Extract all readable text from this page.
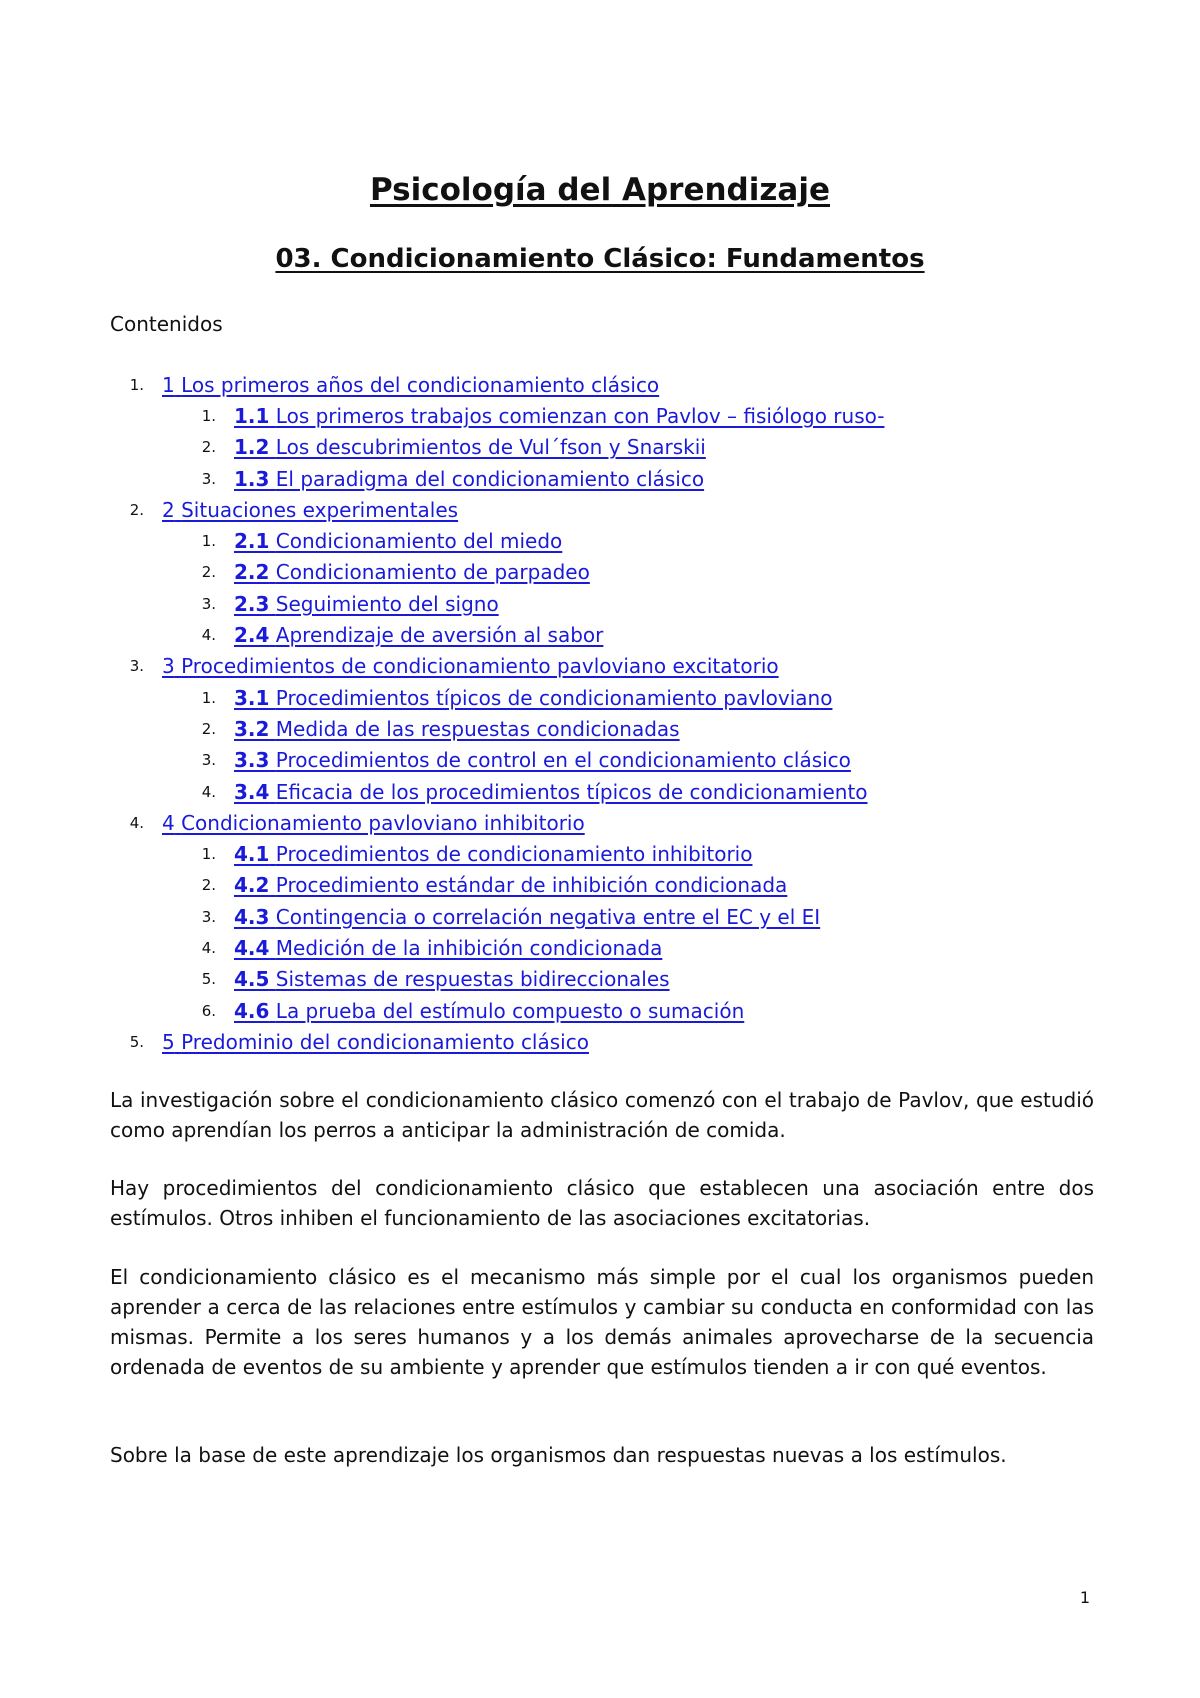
Psicología del Aprendizaje
03. Condicionamiento Clásico: Fundamentos

Contenidos

1. 1 Los primeros años del condicionamiento clásico
1. 1.1 Los primeros trabajos comienzan con Pavlov – fisiólogo ruso-
2. 1.2 Los descubrimientos de Vul´fson y Snarskii
3. 1.3 El paradigma del condicionamiento clásico
2. 2 Situaciones experimentales
1. 2.1 Condicionamiento del miedo
2. 2.2 Condicionamiento de parpadeo
3. 2.3 Seguimiento del signo
4. 2.4 Aprendizaje de aversión al sabor
3. 3 Procedimientos de condicionamiento pavloviano excitatorio
1. 3.1 Procedimientos típicos de condicionamiento pavloviano
2. 3.2 Medida de las respuestas condicionadas
3. 3.3 Procedimientos de control en el condicionamiento clásico
4. 3.4 Eficacia de los procedimientos típicos de condicionamiento
4. 4 Condicionamiento pavloviano inhibitorio
1. 4.1 Procedimientos de condicionamiento inhibitorio
2. 4.2 Procedimiento estándar de inhibición condicionada
3. 4.3 Contingencia o correlación negativa entre el EC y el EI
4. 4.4 Medición de la inhibición condicionada
5. 4.5 Sistemas de respuestas bidireccionales
6. 4.6 La prueba del estímulo compuesto o sumación
5. 5 Predominio del condicionamiento clásico

La investigación sobre el condicionamiento clásico comenzó con el trabajo de Pavlov, que estudió como aprendían los perros a anticipar la administración de comida.

Hay procedimientos del condicionamiento clásico que establecen una asociación entre dos estímulos. Otros inhiben el funcionamiento de las asociaciones excitatorias.

El condicionamiento clásico es el mecanismo más simple por el cual los organismos pueden aprender a cerca de las relaciones entre estímulos y cambiar su conducta en conformidad con las mismas. Permite a los seres humanos y a los demás animales aprovecharse de la secuencia ordenada de eventos de su ambiente y aprender que estímulos tienden a ir con qué eventos.

Sobre la base de este aprendizaje los organismos dan respuestas nuevas a los estímulos.

1
